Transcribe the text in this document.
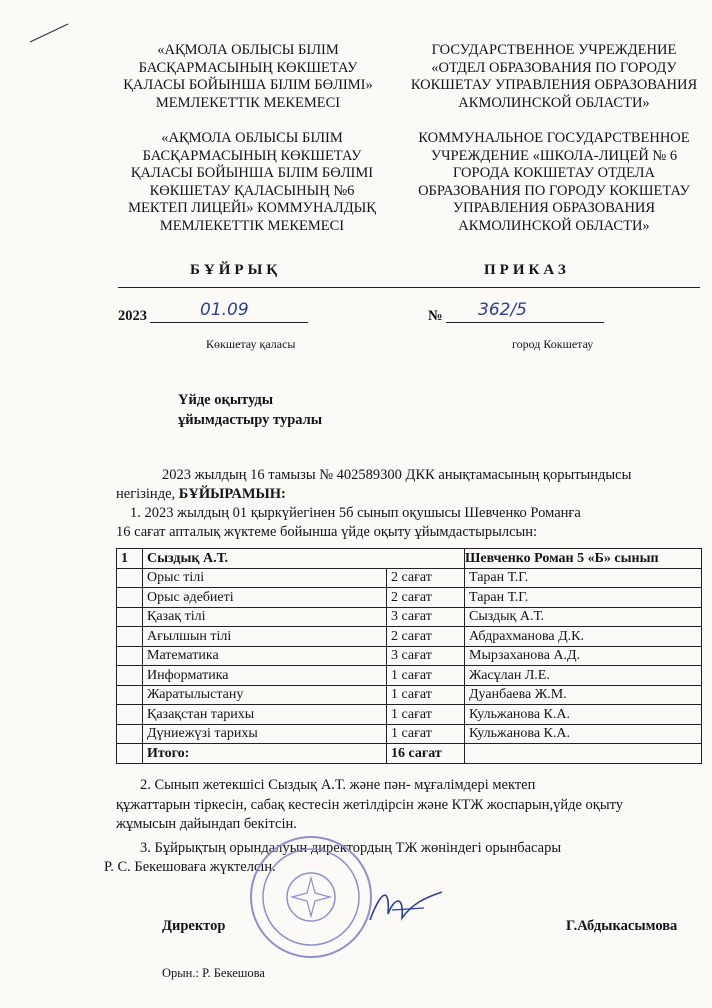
«АҚМОЛА ОБЛЫСЫ БІЛІМ
БАСҚАРМАСЫНЫҢ КӨКШЕТАУ
ҚАЛАСЫ БОЙЫНША БІЛІМ БӨЛІМІ»
МЕМЛЕКЕТТІК МЕКЕМЕСІ
ГОСУДАРСТВЕННОЕ УЧРЕЖДЕНИЕ
«ОТДЕЛ ОБРАЗОВАНИЯ ПО ГОРОДУ
КОКШЕТАУ УПРАВЛЕНИЯ ОБРАЗОВАНИЯ
АКМОЛИНСКОЙ ОБЛАСТИ»
«АҚМОЛА ОБЛЫСЫ БІЛІМ
БАСҚАРМАСЫНЫҢ КӨКШЕТАУ
ҚАЛАСЫ БОЙЫНША БІЛІМ БӨЛІМІ
КӨКШЕТАУ ҚАЛАСЫНЫҢ №6
МЕКТЕП ЛИЦЕЙІ» КОММУНАЛДЫҚ
МЕМЛЕКЕТТІК МЕКЕМЕСІ
КОММУНАЛЬНОЕ ГОСУДАРСТВЕННОЕ
УЧРЕЖДЕНИЕ «ШКОЛА-ЛИЦЕЙ № 6
ГОРОДА КОКШЕТАУ ОТДЕЛА
ОБРАЗОВАНИЯ ПО ГОРОДУ КОКШЕТАУ
УПРАВЛЕНИЯ ОБРАЗОВАНИЯ
АКМОЛИНСКОЙ ОБЛАСТИ»
БҰЙРЫҚ	ПРИКАЗ
2023	01.09	№ 362/5
Көкшетау қаласы	город Кокшетау
Үйде оқытуды
ұйымдастыру туралы
2023 жылдың 16 тамызы № 402589300 ДКК анықтамасының қорытындысы
негізінде, БҰЙЫРАМЫН:
1. 2023 жылдың 01 қыркүйегінен 5б сынып оқушысы Шевченко Романға
16 сағат апталық жүктеме бойынша үйде оқыту ұйымдастырылсын:
1	Сыздық А.Т.		Шевченко Роман 5 «Б» сынып
	Орыс тілі	2 сағат	Таран Т.Г.
	Орыс әдебиеті	2 сағат	Таран Т.Г.
	Қазақ тілі	3 сағат	Сыздық А.Т.
	Ағылшын тілі	2 сағат	Абдрахманова Д.К.
	Математика	3 сағат	Мырзаханова А.Д.
	Информатика	1 сағат	Жасұлан Л.Е.
	Жаратылыстану	1 сағат	Дуанбаева Ж.М.
	Қазақстан тарихы	1 сағат	Кульжанова К.А.
	Дүниежүзі тарихы	1 сағат	Кульжанова К.А.
	Итого:	16 сағат	
2. Сынып жетекшісі Сыздық А.Т. және пән- мұғалімдері мектеп
құжаттарын тіркесін, сабақ кестесін жетілдірсін және КТЖ жоспарын,үйде оқыту
жұмысын дайындап бекітсін.
3. Бұйрықтың орындалуын директордың ТЖ жөніндегі орынбасары
Р. С. Бекешоваға жүктелсін.
Директор	Г.Абдыкасымова
Орын.: Р. Бекешова
